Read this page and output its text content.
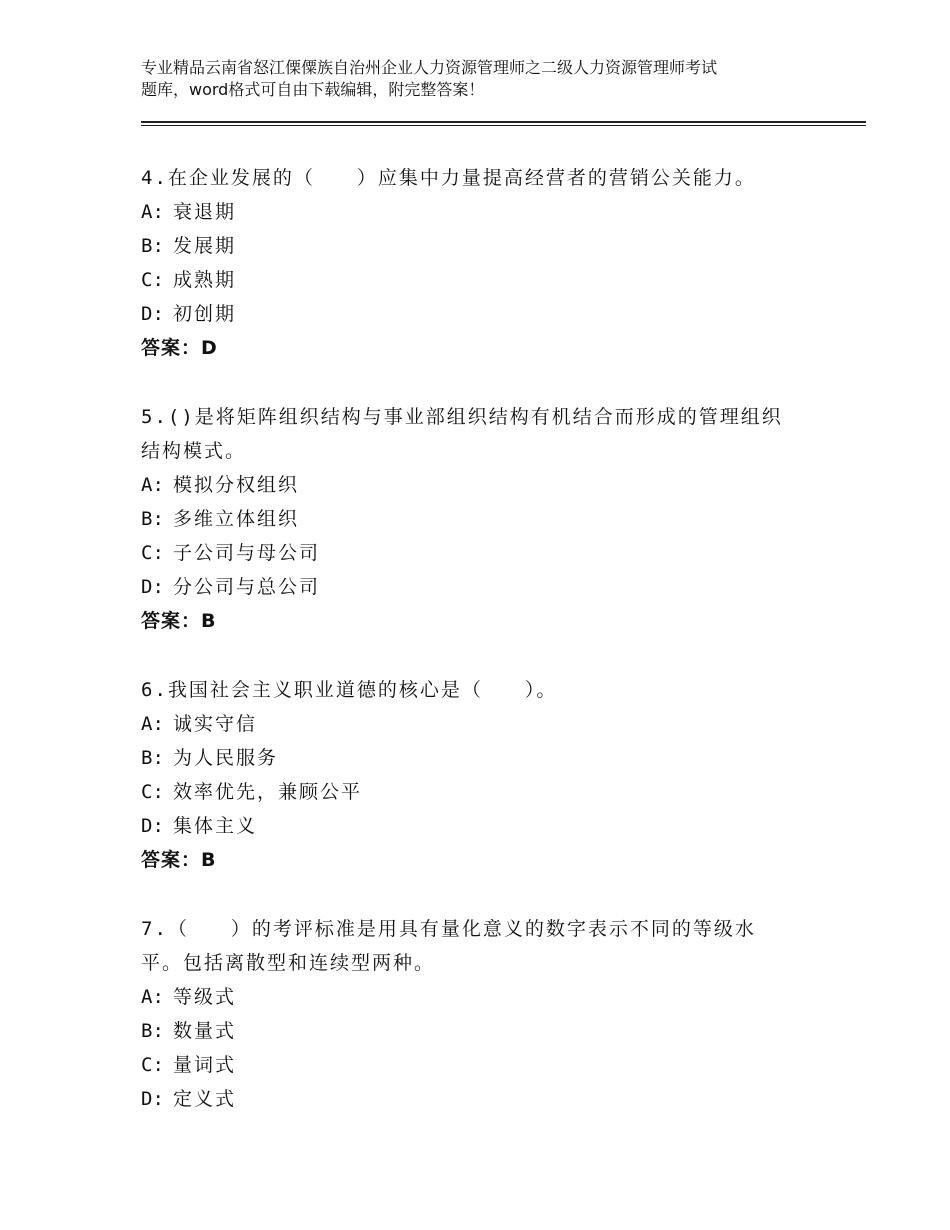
专业精品云南省怒江傈僳族自治州企业人力资源管理师之二级人力资源管理师考试
题库，word格式可自由下载编辑，附完整答案！
4.在企业发展的（　　）应集中力量提高经营者的营销公关能力。
A: 衰退期
B: 发展期
C: 成熟期
D: 初创期
答案：D
5.()是将矩阵组织结构与事业部组织结构有机结合而形成的管理组织
结构模式。
A: 模拟分权组织
B: 多维立体组织
C: 子公司与母公司
D: 分公司与总公司
答案：B
6.我国社会主义职业道德的核心是（　　）。
A: 诚实守信
B: 为人民服务
C: 效率优先，兼顾公平
D: 集体主义
答案：B
7.（　　）的考评标准是用具有量化意义的数字表示不同的等级水
平。包括离散型和连续型两种。
A: 等级式
B: 数量式
C: 量词式
D: 定义式
